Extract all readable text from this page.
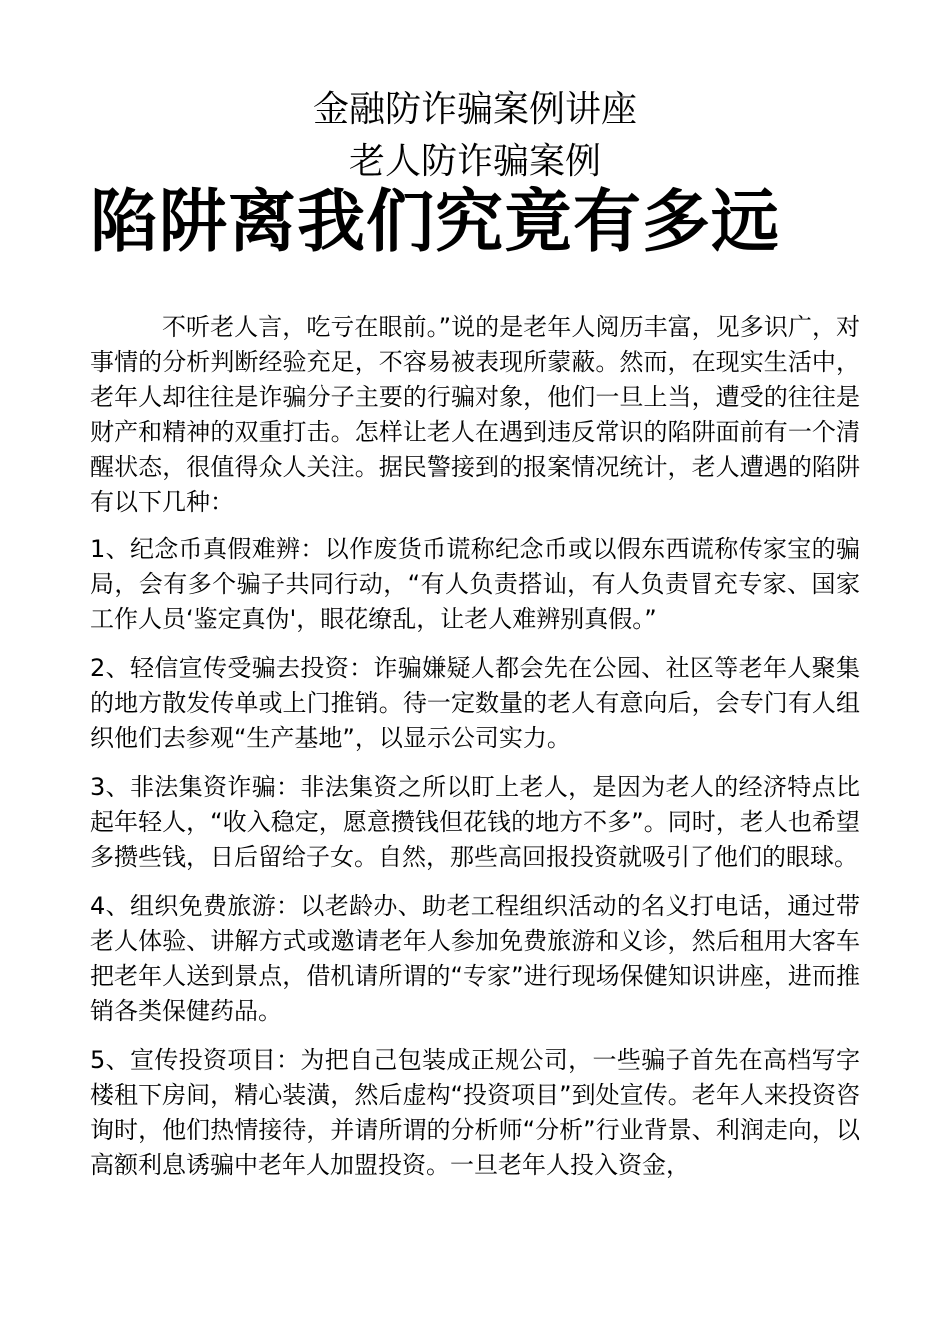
金融防诈骗案例讲座
老人防诈骗案例
陷阱离我们究竟有多远

不听老人言，吃亏在眼前。”说的是老年人阅历丰富，见多识广，对事情的分析判断经验充足，不容易被表现所蒙蔽。然而，在现实生活中，老年人却往往是诈骗分子主要的行骗对象，他们一旦上当，遭受的往往是财产和精神的双重打击。怎样让老人在遇到违反常识的陷阱面前有一个清醒状态，很值得众人关注。据民警接到的报案情况统计，老人遭遇的陷阱有以下几种：

1、纪念币真假难辨：以作废货币谎称纪念币或以假东西谎称传家宝的骗局，会有多个骗子共同行动，“有人负责搭讪，有人负责冒充专家、国家工作人员‘鉴定真伪'，眼花缭乱，让老人难辨别真假。”

2、轻信宣传受骗去投资：诈骗嫌疑人都会先在公园、社区等老年人聚集的地方散发传单或上门推销。待一定数量的老人有意向后，会专门有人组织他们去参观“生产基地”，以显示公司实力。

3、非法集资诈骗：非法集资之所以盯上老人，是因为老人的经济特点比起年轻人，“收入稳定，愿意攒钱但花钱的地方不多”。同时，老人也希望多攒些钱，日后留给子女。自然，那些高回报投资就吸引了他们的眼球。

4、组织免费旅游：以老龄办、助老工程组织活动的名义打电话，通过带老人体验、讲解方式或邀请老年人参加免费旅游和义诊，然后租用大客车把老年人送到景点，借机请所谓的“专家”进行现场保健知识讲座，进而推销各类保健药品。

5、宣传投资项目：为把自己包装成正规公司，一些骗子首先在高档写字楼租下房间，精心装潢，然后虚构“投资项目”到处宣传。老年人来投资咨询时，他们热情接待，并请所谓的分析师“分析”行业背景、利润走向，以高额利息诱骗中老年人加盟投资。一旦老年人投入资金，
